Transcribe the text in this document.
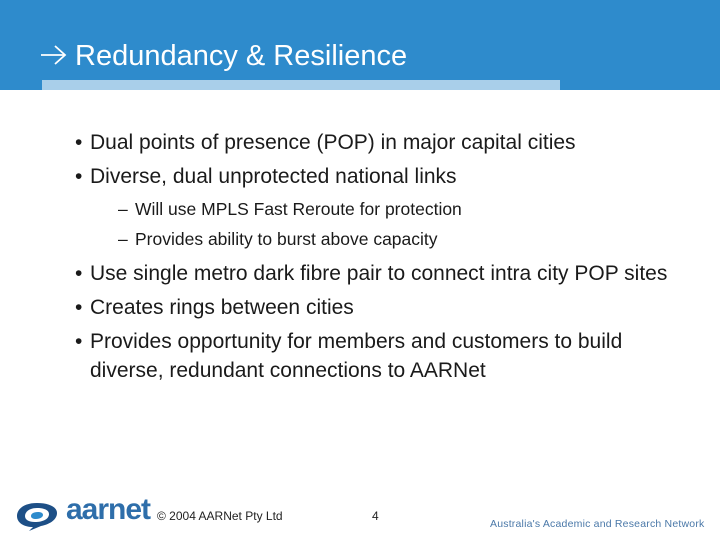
Redundancy & Resilience
• Dual points of presence (POP) in major capital cities
• Diverse, dual unprotected national links
– Will use MPLS Fast Reroute for protection
– Provides ability to burst above capacity
• Use single metro dark fibre pair to connect intra city POP sites
• Creates rings between cities
• Provides opportunity for members and customers to build diverse, redundant connections to AARNet
aarnet © 2004 AARNet Pty Ltd	4
Australia's Academic and Research Network
